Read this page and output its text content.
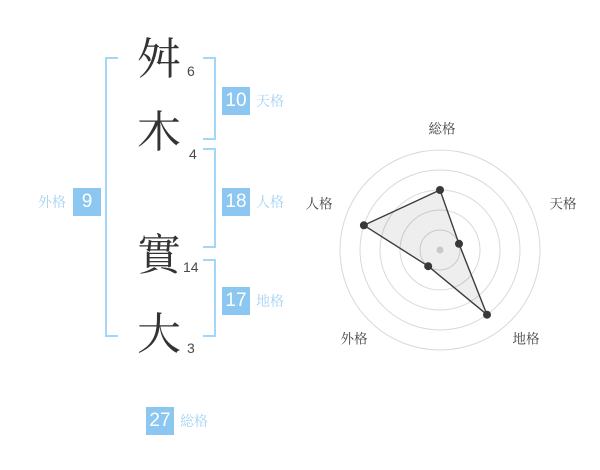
舛
木
實
大
6
4
14
3
外格 9
10 天格
18 人格
17 地格
27 総格
総格
天格
地格
外格
人格
